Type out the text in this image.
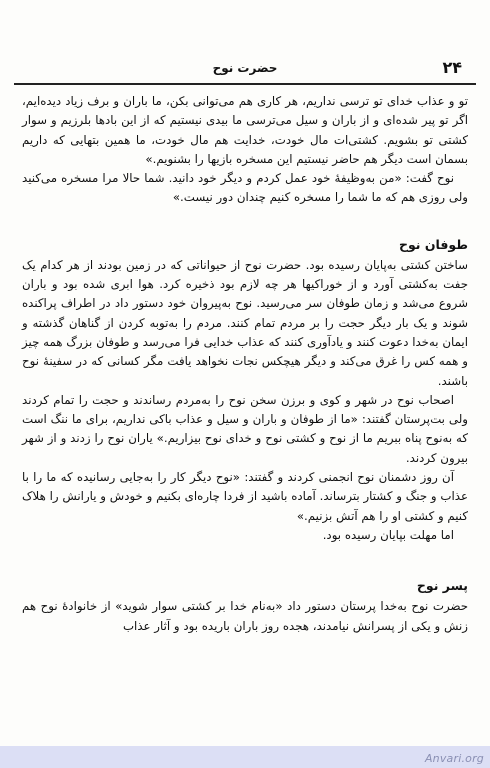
۲۴
حضرت نوح

تو و عذاب خدای تو ترسی نداریم، هر کاری هم می‌توانی بکن، ما باران و برف زیاد دیده‌ایم، اگر تو پیر شده‌ای و از باران و سیل می‌ترسی ما بیدی نیستیم که از این بادها بلرزیم و سوار کشتی تو بشویم. کشتی‌ات مال خودت، خدایت هم مال خودت، ما همین بتهایی که داریم بسمان است دیگر هم حاضر نیستیم این مسخره بازیها را بشنویم.»

نوح گفت: «من به‌وظیفهٔ خود عمل کردم و دیگر خود دانید. شما حالا مرا مسخره می‌کنید ولی روزی هم که ما شما را مسخره کنیم چندان دور نیست.»

طوفان نوح

ساختن کشتی به‌پایان رسیده بود. حضرت نوح از حیواناتی که در زمین بودند از هر کدام یک جفت به‌کشتی آورد و از خوراکیها هر چه لازم بود ذخیره کرد. هوا ابری شده بود و باران شروع می‌شد و زمان طوفان سر می‌رسید. نوح به‌پیروان خود دستور داد در اطراف پراکنده شوند و یک بار دیگر حجت را بر مردم تمام کنند. مردم را به‌توبه کردن از گناهان گذشته و ایمان به‌خدا دعوت کنند و یادآوری کنند که عذاب خدایی فرا می‌رسد و طوفان بزرگ همه چیز و همه کس را غرق می‌کند و دیگر هیچکس نجات نخواهد یافت مگر کسانی که در سفینهٔ نوح باشند.

اصحاب نوح در شهر و کوی و برزن سخن نوح را به‌مردم رساندند و حجت را تمام کردند ولی بت‌پرستان گفتند: «ما از طوفان و باران و سیل و عذاب باکی نداریم، برای ما ننگ است که به‌نوح پناه ببریم ما از نوح و کشتی نوح و خدای نوح بیزاریم.» یاران نوح را زدند و از شهر بیرون کردند.

آن روز دشمنان نوح انجمنی کردند و گفتند: «نوح دیگر کار را به‌جایی رسانیده که ما را با عذاب و جنگ و کشتار بترساند. آماده باشید از فردا چاره‌ای بکنیم و خودش و یارانش را هلاک کنیم و کشتی او را هم آتش بزنیم.»

اما مهلت بپایان رسیده بود.

پسر نوح

حضرت نوح به‌خدا پرستان دستور داد «به‌نام خدا بر کشتی سوار شوید» از خانوادهٔ نوح هم زنش و یکی از پسرانش نیامدند، هجده روز باران باریده بود و آثار عذاب

Anvari.org
